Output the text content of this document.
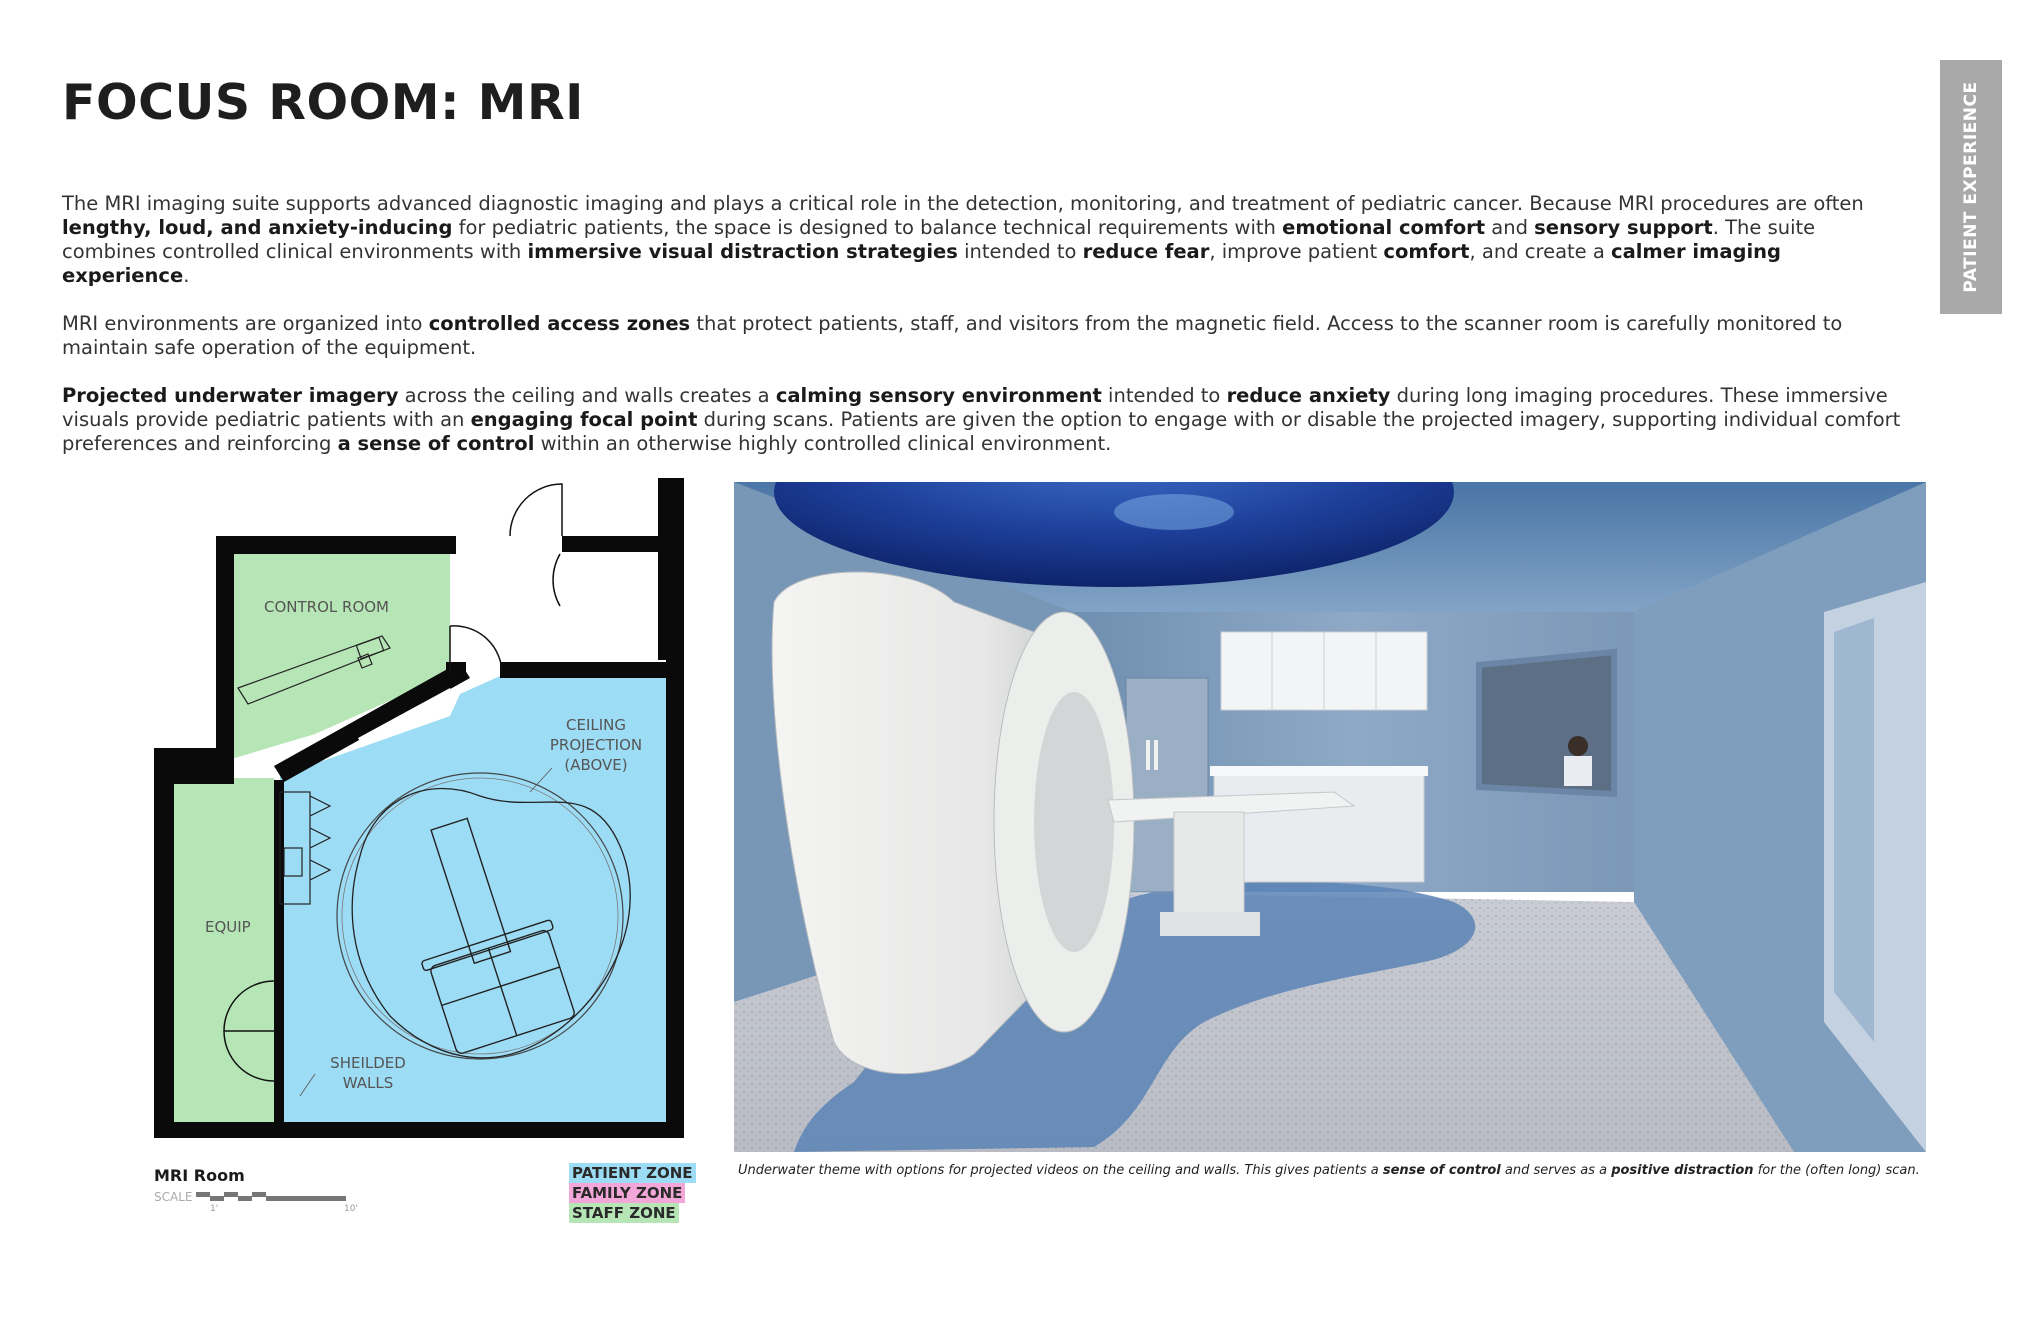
FOCUS ROOM: MRI	PATIENT EXPERIENCE

The MRI imaging suite supports advanced diagnostic imaging and plays a critical role in the detection, monitoring, and treatment of pediatric cancer. Because MRI procedures are often lengthy, loud, and anxiety-inducing for pediatric patients, the space is designed to balance technical requirements with emotional comfort and sensory support. The suite combines controlled clinical environments with immersive visual distraction strategies intended to reduce fear, improve patient comfort, and create a calmer imaging experience.

MRI environments are organized into controlled access zones that protect patients, staff, and visitors from the magnetic field. Access to the scanner room is carefully monitored to maintain safe operation of the equipment.

Projected underwater imagery across the ceiling and walls creates a calming sensory environment intended to reduce anxiety during long imaging procedures. These immersive visuals provide pediatric patients with an engaging focal point during scans. Patients are given the option to engage with or disable the projected imagery, supporting individual comfort preferences and reinforcing a sense of control within an otherwise highly controlled clinical environment.

CONTROL ROOM
CEILING
PROJECTION
(ABOVE)
EQUIP
SHEILDED
WALLS
MRI Room
SCALE
1'	10'
PATIENT ZONE
FAMILY ZONE
STAFF ZONE
Underwater theme with options for projected videos on the ceiling and walls. This gives patients a sense of control and serves as a positive distraction for the (often long) scan.
